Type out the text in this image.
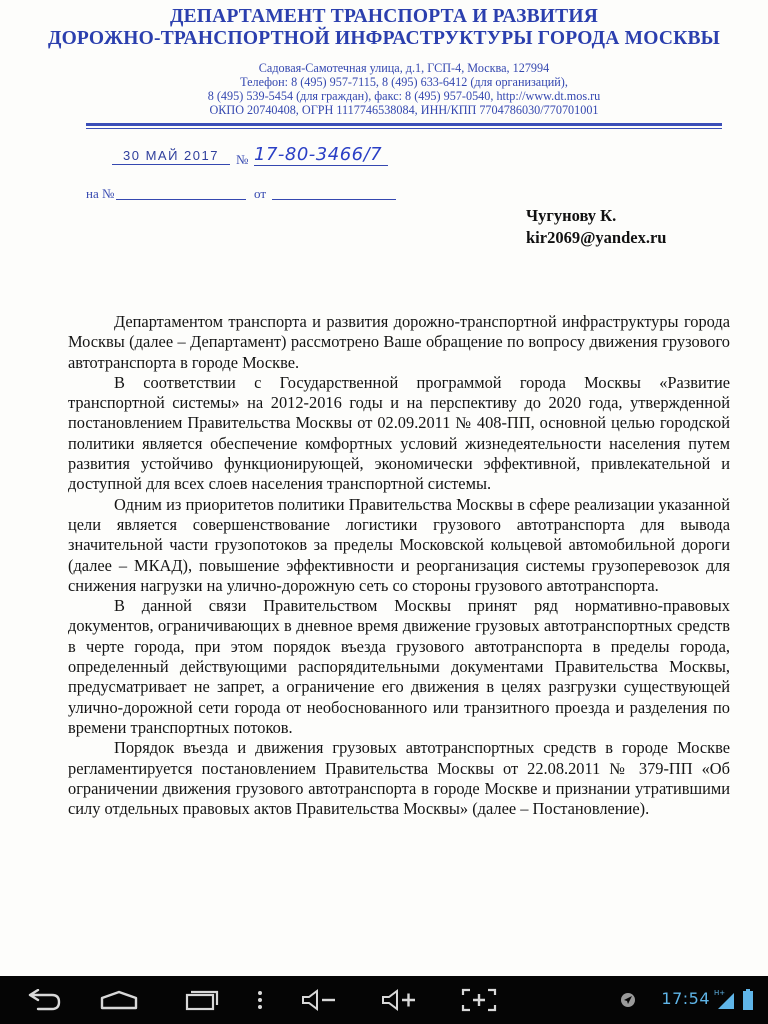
ДЕПАРТАМЕНТ ТРАНСПОРТА И РАЗВИТИЯ
ДОРОЖНО-ТРАНСПОРТНОЙ ИНФРАСТРУКТУРЫ ГОРОДА МОСКВЫ
Садовая-Самотечная улица, д.1, ГСП-4, Москва, 127994
Телефон: 8 (495) 957-7115, 8 (495) 633-6412 (для организаций),
8 (495) 539-5454 (для граждан), факс: 8 (495) 957-0540, http://www.dt.mos.ru
ОКПО 20740408, ОГРН 1117746538084, ИНН/КПП 7704786030/770701001
30 МАЙ 2017	№ 17-80-3466/7
на №	от
Чугунову К.
kir2069@yandex.ru

Департаментом транспорта и развития дорожно-транспортной инфраструктуры города Москвы (далее – Департамент) рассмотрено Ваше обращение по вопросу движения грузового автотранспорта в городе Москве.

В соответствии с Государственной программой города Москвы «Развитие транспортной системы» на 2012-2016 годы и на перспективу до 2020 года, утвержденной постановлением Правительства Москвы от 02.09.2011 № 408-ПП, основной целью городской политики является обеспечение комфортных условий жизнедеятельности населения путем развития устойчиво функционирующей, экономически эффективной, привлекательной и доступной для всех слоев населения транспортной системы.

Одним из приоритетов политики Правительства Москвы в сфере реализации указанной цели является совершенствование логистики грузового автотранспорта для вывода значительной части грузопотоков за пределы Московской кольцевой автомобильной дороги (далее – МКАД), повышение эффективности и реорганизация системы грузоперевозок для снижения нагрузки на улично-дорожную сеть со стороны грузового автотранспорта.

В данной связи Правительством Москвы принят ряд нормативно-правовых документов, ограничивающих в дневное время движение грузовых автотранспортных средств в черте города, при этом порядок въезда грузового автотранспорта в пределы города, определенный действующими распорядительными документами Правительства Москвы, предусматривает не запрет, а ограничение его движения в целях разгрузки существующей улично-дорожной сети города от необоснованного или транзитного проезда и разделения по времени транспортных потоков.

Порядок въезда и движения грузовых автотранспортных средств в городе Москве регламентируется постановлением Правительства Москвы от 22.08.2011 № 379-ПП «Об ограничении движения грузового автотранспорта в городе Москве и признании утратившими силу отдельных правовых актов Правительства Москвы» (далее – Постановление).

17:54 H+
